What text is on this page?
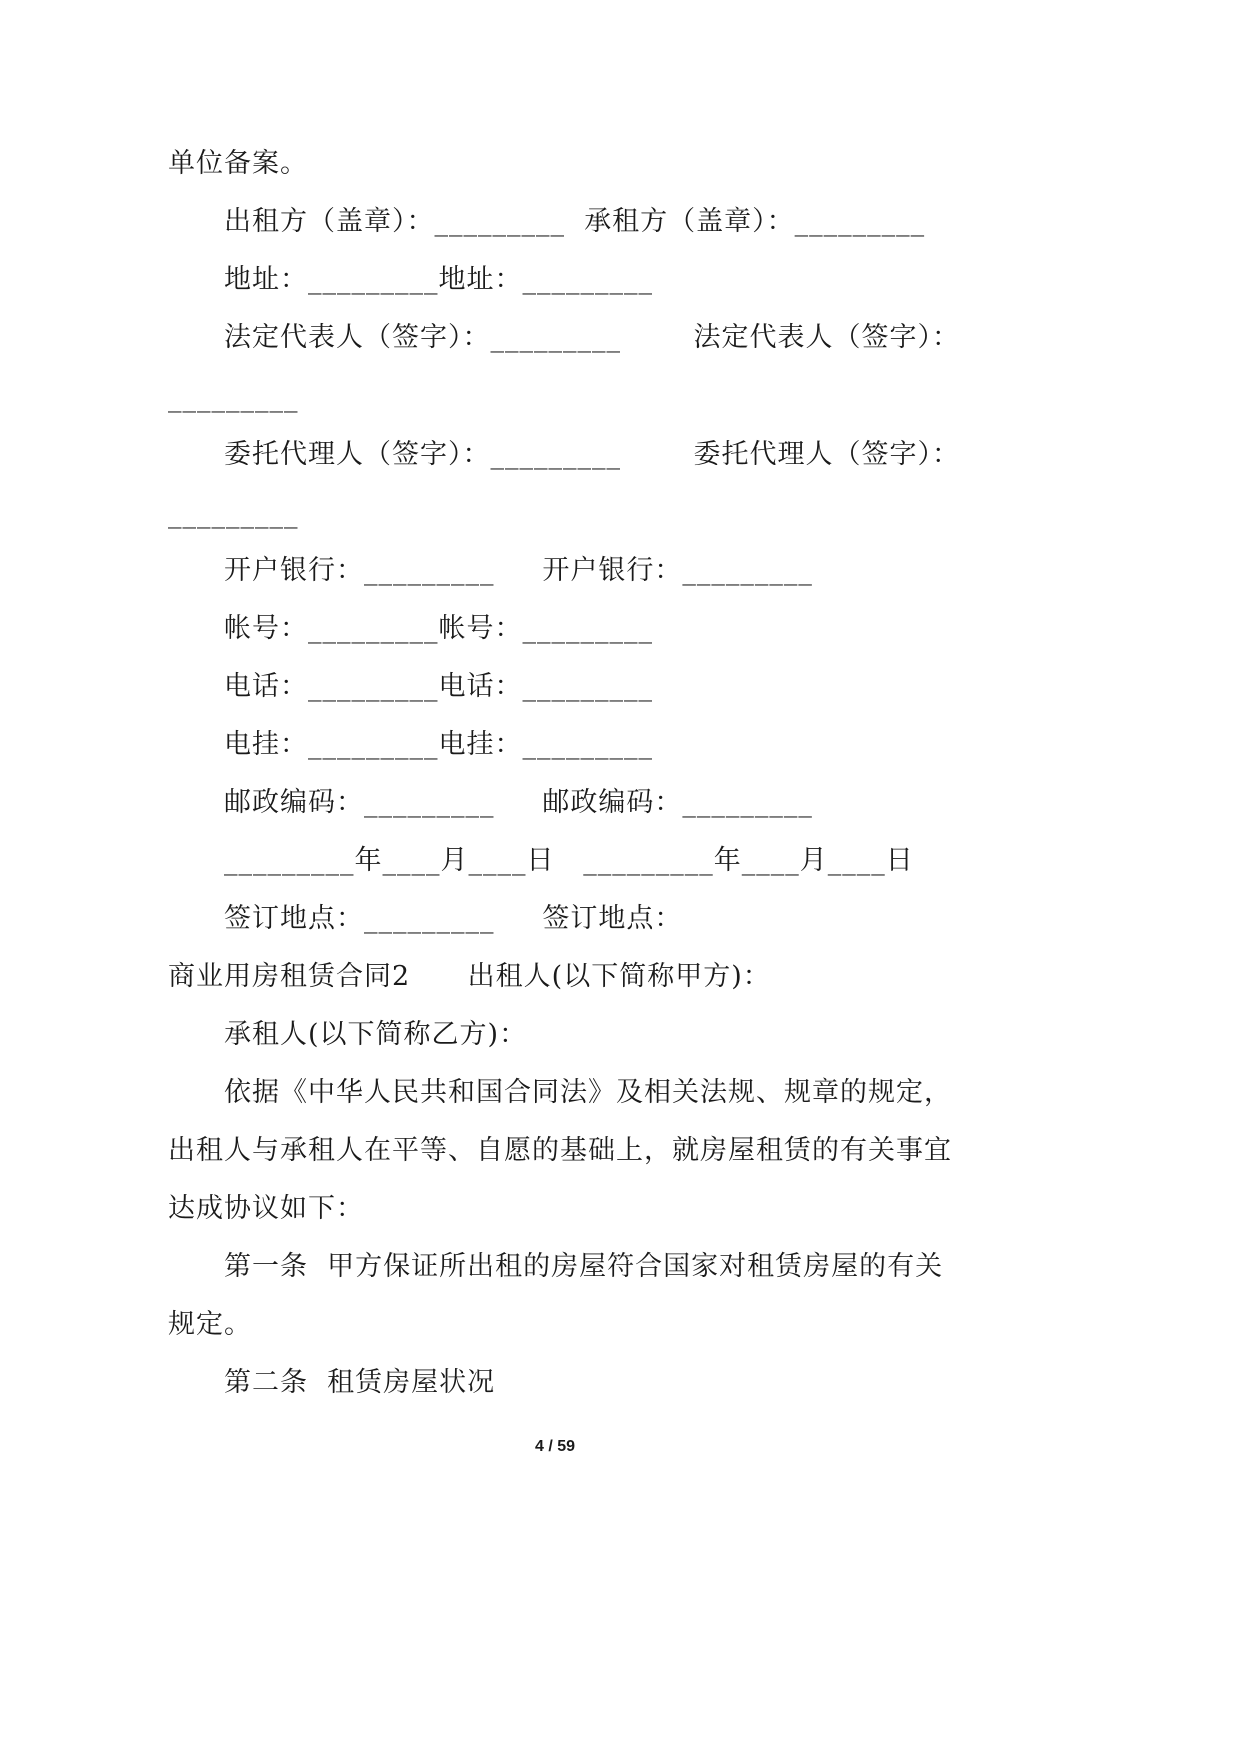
单位备案。
出租方（盖章）：_________  承租方（盖章）：_________
地址：_________地址：_________
法定代表人（签字）：_________	法定代表人（签字）：
_________
委托代理人（签字）：_________	委托代理人（签字）：
_________
开户银行：_________     开户银行：_________
帐号：_________帐号：_________
电话：_________电话：_________
电挂：_________电挂：_________
邮政编码：_________     邮政编码：_________
_________年____月____日   _________年____月____日
签订地点：_________     签订地点：
商业用房租赁合同2      出租人(以下简称甲方)：
承租人(以下简称乙方)：
依据《中华人民共和国合同法》及相关法规、规章的规定，
出租人与承租人在平等、自愿的基础上，就房屋租赁的有关事宜
达成协议如下：
第一条  甲方保证所出租的房屋符合国家对租赁房屋的有关
规定。
第二条  租赁房屋状况
4 / 59
